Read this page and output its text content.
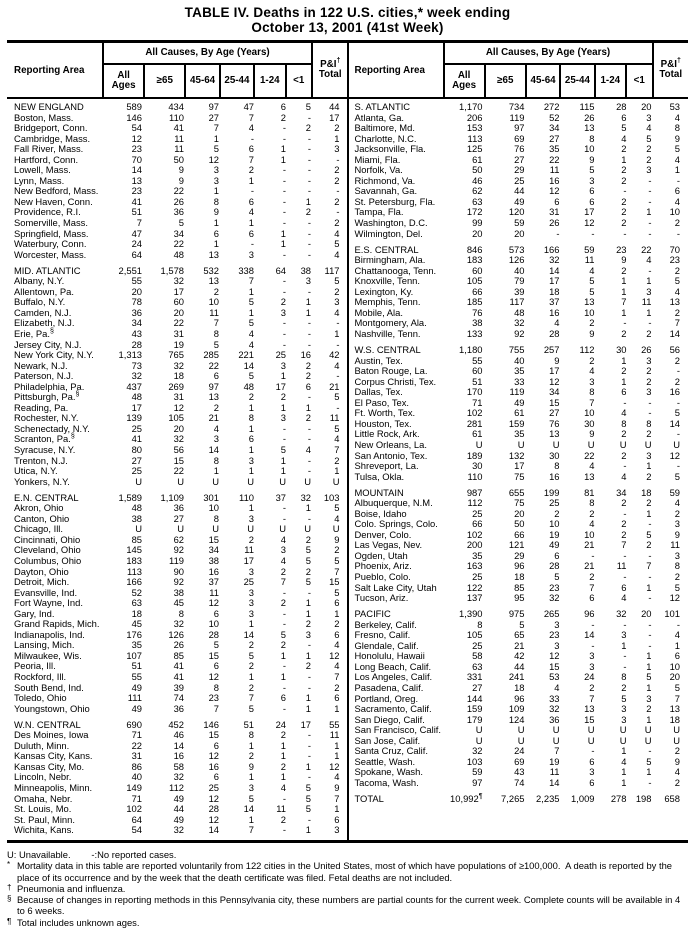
TABLE IV. Deaths in 122 U.S. cities,* week ending
October 13, 2001 (41st Week)
Reporting Area
All Causes, By Age (Years)
All Ages	≥65	45-64 25-44	1-24	<1
P&I†
Total	Reporting Area
All Causes, By Age (Years)
All Ages	≥65	45-64 25-44	1-24	<1
P&I†
Total
NEW ENGLAND	589	434	97	47	6	5	44
Boston, Mass.	146	110	27	7	2	-	17
Bridgeport, Conn.	54	41	7	4	-	2	2
Cambridge, Mass.	12	11	1	-	-	-	1
Fall River, Mass.	23	11	5	6	1	-	3
Hartford, Conn.	70	50	12	7	1	-	-
Lowell, Mass.	14	9	3	2	-	-	2
Lynn, Mass.	13	9	3	1	-	-	2
New Bedford, Mass.	23	22	1	-	-	-	-
New Haven, Conn.	41	26	8	6	-	1	2
Providence, R.I.	51	36	9	4	-	2	-
Somerville, Mass.	7	5	1	1	-	-	2
Springfield, Mass.	47	34	6	6	1	-	4
Waterbury, Conn.	24	22	1	-	1	-	5
Worcester, Mass.	64	48	13	3	-	-	4
MID. ATLANTIC	2,551	1,578	532	338	64	38	117
Albany, N.Y.	55	32	13	7	-	3	5
Allentown, Pa.	20	17	2	1	-	-	2
Buffalo, N.Y.	78	60	10	5	2	1	3
Camden, N.J.	36	20	11	1	3	1	4
Elizabeth, N.J.	34	22	7	5	-	-	-
Erie, Pa.§	43	31	8	4	-	-	1
Jersey City, N.J.	28	19	5	4	-	-	-
New York City, N.Y.	1,313	765	285	221	25	16	42
Newark, N.J.	73	32	22	14	3	2	4
Paterson, N.J.	32	18	6	5	1	2	-
Philadelphia, Pa.	437	269	97	48	17	6	21
Pittsburgh, Pa.§	48	31	13	2	2	-	5
Reading, Pa.	17	12	2	1	1	1	-
Rochester, N.Y.	139	105	21	8	3	2	11
Schenectady, N.Y.	25	20	4	1	-	-	5
Scranton, Pa.§	41	32	3	6	-	-	4
Syracuse, N.Y.	80	56	14	1	5	4	7
Trenton, N.J.	27	15	8	3	1	-	2
Utica, N.Y.	25	22	1	1	1	-	1
Yonkers, N.Y.	U	U	U	U	U	U	U
E.N. CENTRAL	1,589	1,109	301	110	37	32	103
Akron, Ohio	48	36	10	1	-	1	5
Canton, Ohio	38	27	8	3	-	-	4
Chicago, Ill.	U	U	U	U	U	U	U
Cincinnati, Ohio	85	62	15	2	4	2	9
Cleveland, Ohio	145	92	34	11	3	5	2
Columbus, Ohio	183	119	38	17	4	5	5
Dayton, Ohio	113	90	16	3	2	2	7
Detroit, Mich.	166	92	37	25	7	5	15
Evansville, Ind.	52	38	11	3	-	-	5
Fort Wayne, Ind.	63	45	12	3	2	1	6
Gary, Ind.	18	8	6	3	-	1	1
Grand Rapids, Mich.	45	32	10	1	-	2	2
Indianapolis, Ind.	176	126	28	14	5	3	6
Lansing, Mich.	35	26	5	2	2	-	4
Milwaukee, Wis.	107	85	15	5	1	1	12
Peoria, Ill.	51	41	6	2	-	2	4
Rockford, Ill.	55	41	12	1	1	-	7
South Bend, Ind.	49	39	8	2	-	-	2
Toledo, Ohio	111	74	23	7	6	1	6
Youngstown, Ohio	49	36	7	5	-	1	1
W.N. CENTRAL	690	452	146	51	24	17	55
Des Moines, Iowa	71	46	15	8	2	-	11
Duluth, Minn.	22	14	6	1	1	-	1
Kansas City, Kans.	31	16	12	2	1	-	1
Kansas City, Mo.	86	58	16	9	2	1	12
Lincoln, Nebr.	40	32	6	1	1	-	4
Minneapolis, Minn.	149	112	25	3	4	5	9
Omaha, Nebr.	71	49	12	5	-	5	7
St. Louis, Mo.	102	44	28	14	11	5	1
St. Paul, Minn.	64	49	12	1	2	-	6
Wichita, Kans.	54	32	14	7	-	1	3
S. ATLANTIC	1,170	734	272	115	28	20	53
Atlanta, Ga.	206	119	52	26	6	3	4
Baltimore, Md.	153	97	34	13	5	4	8
Charlotte, N.C.	113	69	27	8	4	5	9
Jacksonville, Fla.	125	76	35	10	2	2	5
Miami, Fla.	61	27	22	9	1	2	4
Norfolk, Va.	50	29	11	5	2	3	1
Richmond, Va.	46	25	16	3	2	-	-
Savannah, Ga.	62	44	12	6	-	-	6
St. Petersburg, Fla.	63	49	6	6	2	-	4
Tampa, Fla.	172	120	31	17	2	1	10
Washington, D.C.	99	59	26	12	2	-	2
Wilmington, Del.	20	20	-	-	-	-	-
E.S. CENTRAL	846	573	166	59	23	22	70
Birmingham, Ala.	183	126	32	11	9	4	23
Chattanooga, Tenn.	60	40	14	4	2	-	2
Knoxville, Tenn.	105	79	17	5	1	1	5
Lexington, Ky.	66	39	18	5	1	3	4
Memphis, Tenn.	185	117	37	13	7	11	13
Mobile, Ala.	76	48	16	10	1	1	2
Montgomery, Ala.	38	32	4	2	-	-	7
Nashville, Tenn.	133	92	28	9	2	2	14
W.S. CENTRAL	1,180	755	257	112	30	26	56
Austin, Tex.	55	40	9	2	1	3	2
Baton Rouge, La.	60	35	17	4	2	2	-
Corpus Christi, Tex.	51	33	12	3	1	2	2
Dallas, Tex.	170	119	34	8	6	3	16
El Paso, Tex.	71	49	15	7	-	-	-
Ft. Worth, Tex.	102	61	27	10	4	-	5
Houston, Tex.	281	159	76	30	8	8	14
Little Rock, Ark.	61	35	13	9	2	2	-
New Orleans, La.	U	U	U	U	U	U	U
San Antonio, Tex.	189	132	30	22	2	3	12
Shreveport, La.	30	17	8	4	-	1	-
Tulsa, Okla.	110	75	16	13	4	2	5
MOUNTAIN	987	655	199	81	34	18	59
Albuquerque, N.M.	112	75	25	8	2	2	4
Boise, Idaho	25	20	2	2	-	1	2
Colo. Springs, Colo.	66	50	10	4	2	-	3
Denver, Colo.	102	66	19	10	2	5	9
Las Vegas, Nev.	200	121	49	21	7	2	11
Ogden, Utah	35	29	6	-	-	-	3
Phoenix, Ariz.	163	96	28	21	11	7	8
Pueblo, Colo.	25	18	5	2	-	-	2
Salt Lake City, Utah	122	85	23	7	6	1	5
Tucson, Ariz.	137	95	32	6	4	-	12
PACIFIC	1,390	975	265	96	32	20	101
Berkeley, Calif.	8	5	3	-	-	-	-
Fresno, Calif.	105	65	23	14	3	-	4
Glendale, Calif.	25	21	3	-	1	-	1
Honolulu, Hawaii	58	42	12	3	-	1	6
Long Beach, Calif.	63	44	15	3	-	1	10
Los Angeles, Calif.	331	241	53	24	8	5	20
Pasadena, Calif.	27	18	4	2	2	1	5
Portland, Oreg.	144	96	33	7	5	3	7
Sacramento, Calif.	159	109	32	13	3	2	13
San Diego, Calif.	179	124	36	15	3	1	18
San Francisco, Calif.	U	U	U	U	U	U	U
San Jose, Calif.	U	U	U	U	U	U	U
Santa Cruz, Calif.	32	24	7	-	1	-	2
Seattle, Wash.	103	69	19	6	4	5	9
Spokane, Wash.	59	43	11	3	1	1	4
Tacoma, Wash.	97	74	14	6	1	-	2
TOTAL	10,992¶	7,265	2,235	1,009	278 198	658
U: Unavailable.        -:No reported cases.
* Mortality data in this table are reported voluntarily from 122 cities in the United States, most of which have populations of ≥100,000.  A death is reported by the place of its occurrence and by the week that the death certificate was filed. Fetal deaths are not included.
† Pneumonia and influenza.
§ Because of changes in reporting methods in this Pennsylvania city, these numbers are partial counts for the current week. Complete counts will be available in 4 to 6 weeks.
¶ Total includes unknown ages.
